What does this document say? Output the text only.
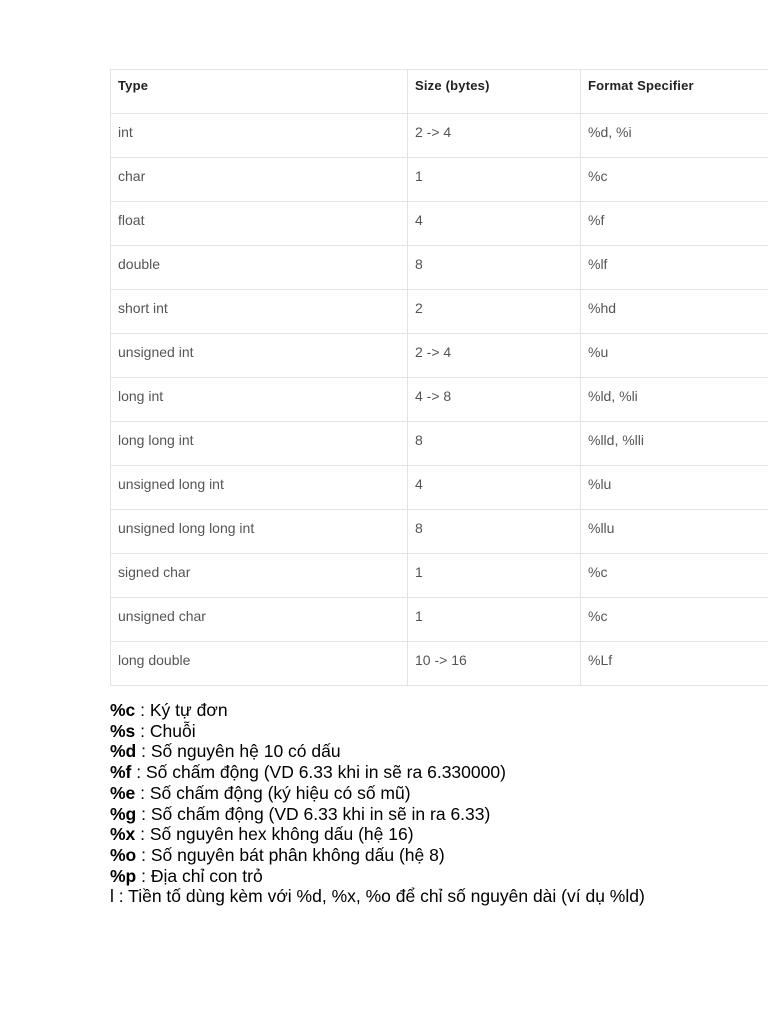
Type	Size (bytes)	Format Specifier
int	2 -> 4	%d, %i
char	1	%c
float	4	%f
double	8	%lf
short int	2	%hd
unsigned int	2 -> 4	%u
long int	4 -> 8	%ld, %li
long long int	8	%lld, %lli
unsigned long int	4	%lu
unsigned long long int	8	%llu
signed char	1	%c
unsigned char	1	%c
long double	10 -> 16	%Lf
%c : Ký tự đơn
%s : Chuỗi
%d : Số nguyên hệ 10 có dấu
%f : Số chấm động (VD 6.33 khi in sẽ ra 6.330000)
%e : Số chấm động (ký hiệu có số mũ)
%g : Số chấm động (VD 6.33 khi in sẽ in ra 6.33)
%x : Số nguyên hex không dấu (hệ 16)
%o : Số nguyên bát phân không dấu (hệ 8)
%p : Địa chỉ con trỏ
l : Tiền tố dùng kèm với %d, %x, %o để chỉ số nguyên dài (ví dụ %ld)
